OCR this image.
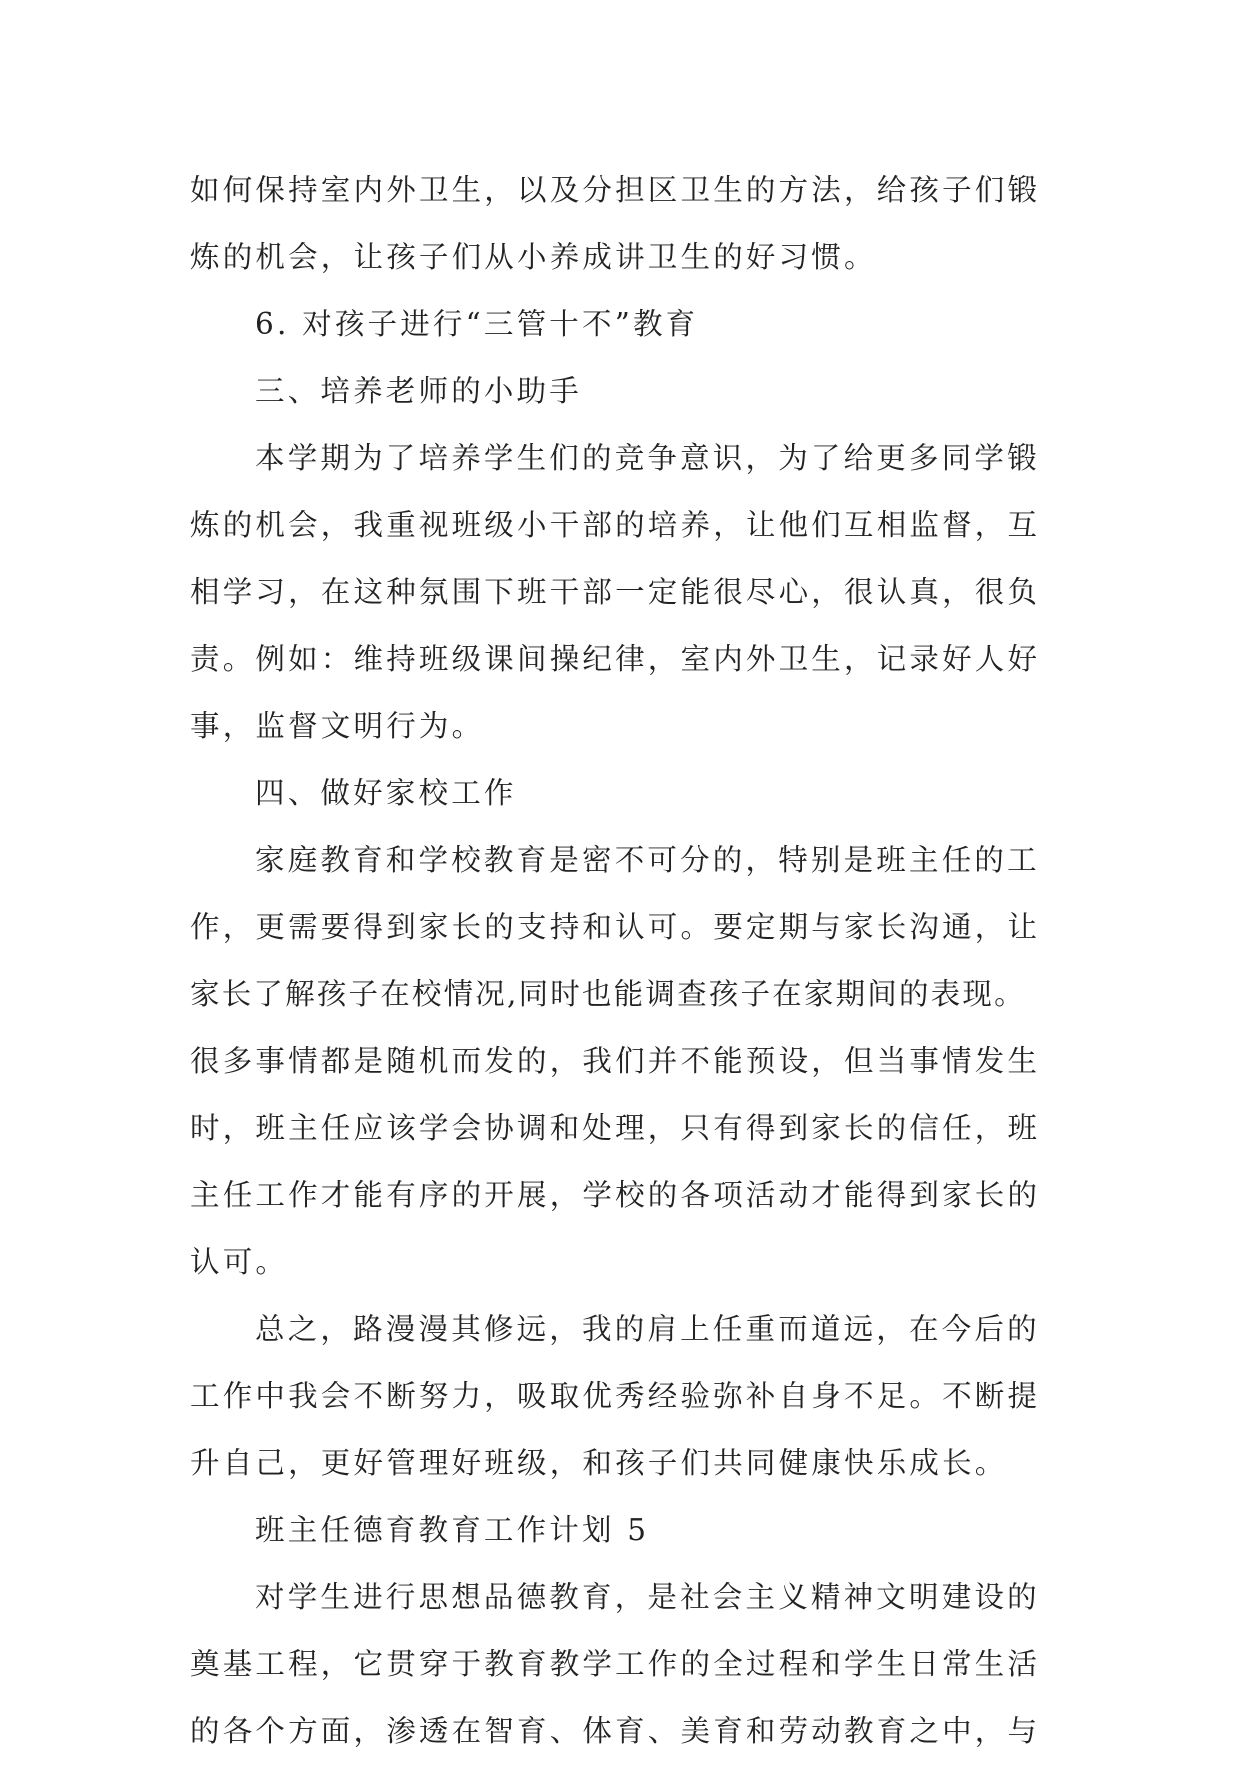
如何保持室内外卫生，以及分担区卫生的方法，给孩子们锻
炼的机会，让孩子们从小养成讲卫生的好习惯。
6. 对孩子进行“三管十不”教育
三、培养老师的小助手
本学期为了培养学生们的竞争意识，为了给更多同学锻
炼的机会，我重视班级小干部的培养，让他们互相监督，互
相学习，在这种氛围下班干部一定能很尽心，很认真，很负
责。例如：维持班级课间操纪律，室内外卫生，记录好人好
事，监督文明行为。
四、做好家校工作
家庭教育和学校教育是密不可分的，特别是班主任的工
作，更需要得到家长的支持和认可。要定期与家长沟通，让
家长了解孩子在校情况,同时也能调查孩子在家期间的表现。
很多事情都是随机而发的，我们并不能预设，但当事情发生
时，班主任应该学会协调和处理，只有得到家长的信任，班
主任工作才能有序的开展，学校的各项活动才能得到家长的
认可。
总之，路漫漫其修远，我的肩上任重而道远，在今后的
工作中我会不断努力，吸取优秀经验弥补自身不足。不断提
升自己，更好管理好班级，和孩子们共同健康快乐成长。
班主任德育教育工作计划 5
对学生进行思想品德教育，是社会主义精神文明建设的
奠基工程，它贯穿于教育教学工作的全过程和学生日常生活
的各个方面，渗透在智育、体育、美育和劳动教育之中，与
